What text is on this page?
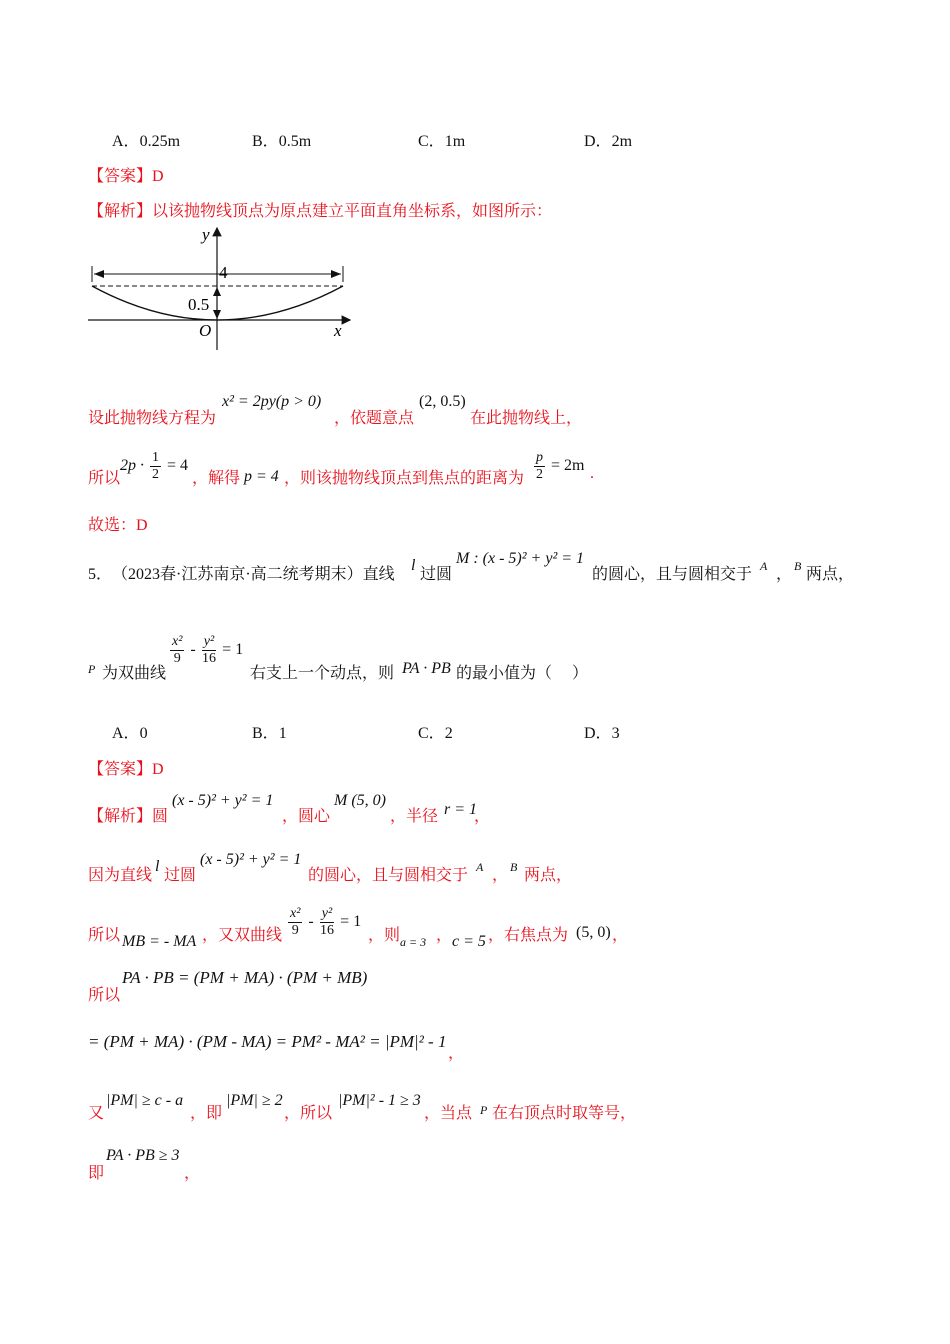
A．0.25m	B．0.5m	C．1m	D．2m
【答案】D
【解析】以该抛物线顶点为原点建立平面直角坐标系，如图所示：
y
x
O
4
0.5
设此抛物线方程为
x² = 2py(p > 0)
，依题意点
(2, 0.5)
在此抛物线上，
所以
$2p \cdot \frac{1}{2} = 4$
，解得 p = 4 ，则该抛物线顶点到焦点的距离为 $\frac{p}{2} = 2m$ .
故选：D
5． （2023春·江苏南京·高二统考期末）直线
l
过圆
M : (x - 5)² + y² = 1
的圆心，且与圆相交于 A ， B 两点，
P 为双曲线
$\frac{\text{x²}}{9} - \frac{\text{y²}}{16} = 1$
右支上一个动点，则 PA · PB 的最小值为（　 ）
A．0	B．1	C．2	D．3
【答案】D
【解析】圆
(x - 5)² + y² = 1
，圆心
M (5, 0)
，半径 r = 1
，
因为直线
l
过圆
(x - 5)² + y² = 1
的圆心，且与圆相交于 A ， B 两点，
所以 MB = - MA ，又双曲线 $\frac{\text{x²}}{9} - \frac{\text{y²}}{16} = 1$
，则 a = 3 ， c = 5 ，右焦点为 (5, 0) ，
所以
PA · PB = (PM + MA) · (PM + MB)
= (PM + MA) · (PM - MA) = PM² - MA² = |PM|² - 1
，
又
|PM| ≥ c - a
，即
|PM| ≥ 2
，所以
|PM|² - 1 ≥ 3
，当点 P 在右顶点时取等号，
即
PA · PB ≥ 3
，
